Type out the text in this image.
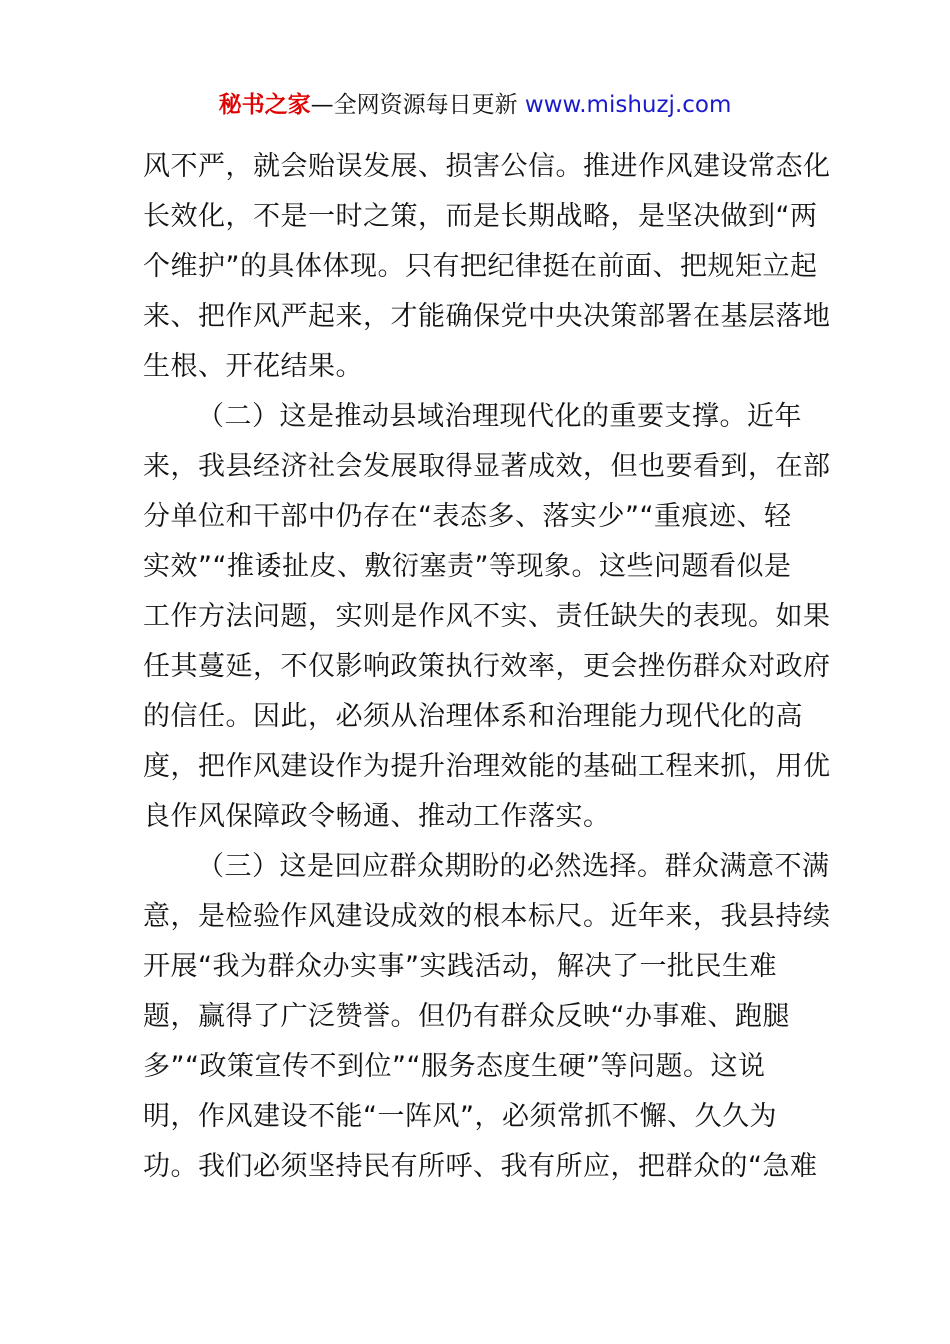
秘书之家—全网资源每日更新 www.mishuzj.com
风不严，就会贻误发展、损害公信。推进作风建设常态化
长效化，不是一时之策，而是长期战略，是坚决做到“两
个维护”的具体体现。只有把纪律挺在前面、把规矩立起
来、把作风严起来，才能确保党中央决策部署在基层落地
生根、开花结果。
（二）这是推动县域治理现代化的重要支撑。近年
来，我县经济社会发展取得显著成效，但也要看到，在部
分单位和干部中仍存在“表态多、落实少”“重痕迹、轻
实效”“推诿扯皮、敷衍塞责”等现象。这些问题看似是
工作方法问题，实则是作风不实、责任缺失的表现。如果
任其蔓延，不仅影响政策执行效率，更会挫伤群众对政府
的信任。因此，必须从治理体系和治理能力现代化的高
度，把作风建设作为提升治理效能的基础工程来抓，用优
良作风保障政令畅通、推动工作落实。
（三）这是回应群众期盼的必然选择。群众满意不满
意，是检验作风建设成效的根本标尺。近年来，我县持续
开展“我为群众办实事”实践活动，解决了一批民生难
题，赢得了广泛赞誉。但仍有群众反映“办事难、跑腿
多”“政策宣传不到位”“服务态度生硬”等问题。这说
明，作风建设不能“一阵风”，必须常抓不懈、久久为
功。我们必须坚持民有所呼、我有所应，把群众的“急难
